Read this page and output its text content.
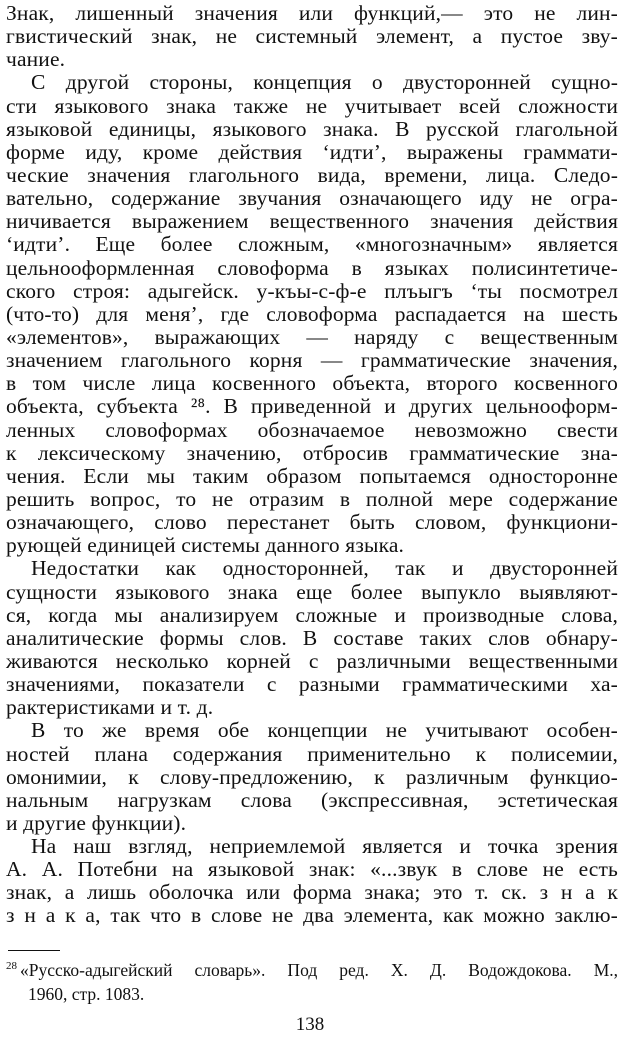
Знак, лишенный значения или функций,— это не лин-
гвистический знак, не системный элемент, а пустое зву-
чание.
С другой стороны, концепция о двусторонней сущно-
сти языкового знака также не учитывает всей сложности
языковой единицы, языкового знака. В русской глагольной
форме иду, кроме действия ‘идти’, выражены граммати-
ческие значения глагольного вида, времени, лица. Следо-
вательно, содержание звучания означающего иду не огра-
ничивается выражением вещественного значения действия
‘идти’. Еще более сложным, «многозначным» является
цельнооформленная словоформа в языках полисинтетиче-
ского строя: адыгейск. у-къы-с-ф-е плъыгъ ‘ты посмотрел
(что-то) для меня’, где словоформа распадается на шесть
«элементов», выражающих — наряду с вещественным
значением глагольного корня — грамматические значения,
в том числе лица косвенного объекта, второго косвенного
объекта, субъекта ²⁸. В приведенной и других цельнооформ-
ленных словоформах обозначаемое невозможно свести
к лексическому значению, отбросив грамматические зна-
чения. Если мы таким образом попытаемся односторонне
решить вопрос, то не отразим в полной мере содержание
означающего, слово перестанет быть словом, функциони-
рующей единицей системы данного языка.
Недостатки как односторонней, так и двусторонней
сущности языкового знака еще более выпукло выявляют-
ся, когда мы анализируем сложные и производные слова,
аналитические формы слов. В составе таких слов обнару-
живаются несколько корней с различными вещественными
значениями, показатели с разными грамматическими ха-
рактеристиками и т. д.
В то же время обе концепции не учитывают особен-
ностей плана содержания применительно к полисемии,
омонимии, к слову-предложению, к различным функцио-
нальным нагрузкам слова (экспрессивная, эстетическая
и другие функции).
На наш взгляд, неприемлемой является и точка зрения
А. А. Потебни на языковой знак: «...звук в слове не есть
знак, а лишь оболочка или форма знака; это т. ск. з н а к
з н а к а, так что в слове не два элемента, как можно заклю-
$^{28}$ «Русско-адыгейский словарь». Под ред. Х. Д. Водождокова. М.,
1960, стр. 1083.
138
